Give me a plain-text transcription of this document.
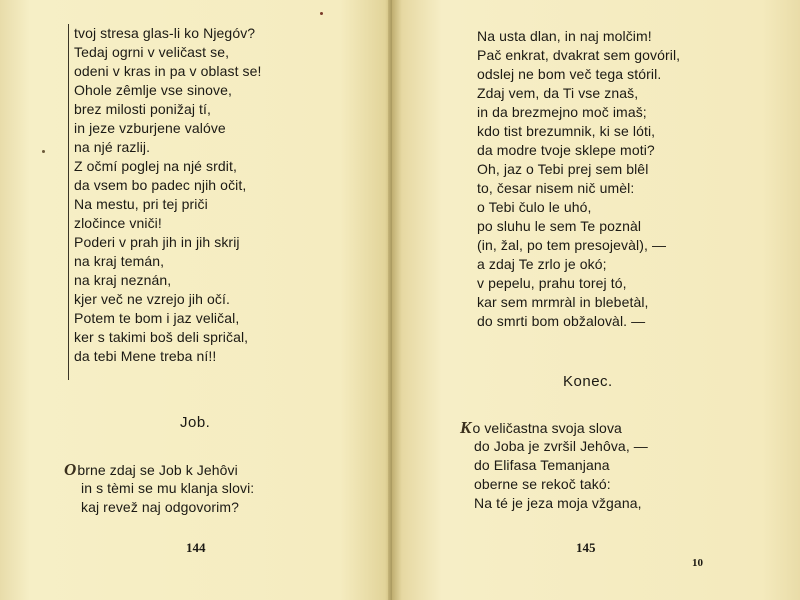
tvoj stresa glas-li ko Njegóv?
Tedaj ogrni v veličast se,
odeni v kras in pa v oblast se!
Ohole zêmlje vse sinove,
brez milosti ponižaj tí,
in jeze vzburjene valóve
na njé razlij.
Z očmí poglej na njé srdit,
da vsem bo padec njih očit,
Na mestu, pri tej priči
zločince vniči!
Poderi v prah jih in jih skrij
na kraj temán,
na kraj neznán,
kjer več ne vzrejo jih očí.
Potem te bom i jaz veličal,
ker s takimi boš deli spričal,
da tebi Mene treba ní!!
Job.
Obrne zdaj se Job k Jehôvi
in s tèmi se mu klanja slovi:
kaj revež naj odgovorim?
144
Na usta dlan, in naj molčim!
Pač enkrat, dvakrat sem govóril,
odslej ne bom več tega stóril.
Zdaj vem, da Ti vse znaš,
in da brezmejno moč imaš;
kdo tist brezumnik, ki se lóti,
da modre tvoje sklepe moti?
Oh, jaz o Tebi prej sem blêl
to, česar nisem nič umèl:
o Tebi čulo le uhó,
po sluhu le sem Te poznàl
(in, žal, po tem presojevàl), —
a zdaj Te zrlo je okó;
v pepelu, prahu torej tó,
kar sem mrmràl in blebetàl,
do smrti bom obžalovàl. —
Konec.
Ko veličastna svoja slova
do Joba je zvršil Jehôva, —
do Elifasa Temanjana
oberne se rekoč takó:
Na té je jeza moja vžgana,
145
10
